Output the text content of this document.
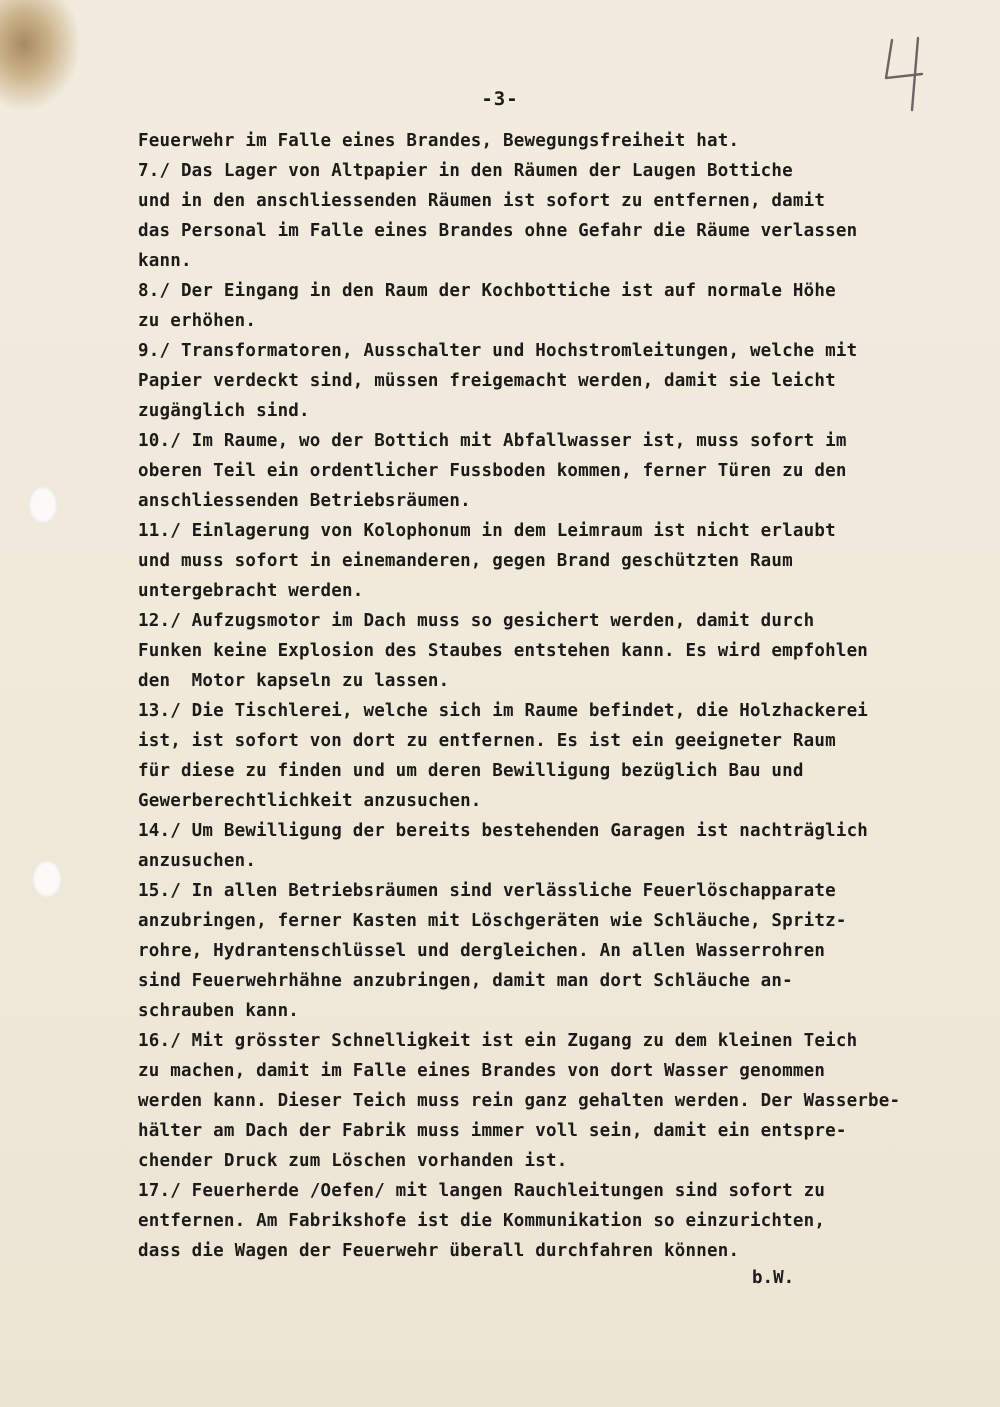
-3-
Feuerwehr im Falle eines Brandes, Bewegungsfreiheit hat.
7./ Das Lager von Altpapier in den Räumen der Laugen Bottiche
und in den anschliessenden Räumen ist sofort zu entfernen, damit
das Personal im Falle eines Brandes ohne Gefahr die Räume verlassen
kann.
8./ Der Eingang in den Raum der Kochbottiche ist auf normale Höhe
zu erhöhen.
9./ Transformatoren, Ausschalter und Hochstromleitungen, welche mit
Papier verdeckt sind, müssen freigemacht werden, damit sie leicht
zugänglich sind.
10./ Im Raume, wo der Bottich mit Abfallwasser ist, muss sofort im
oberen Teil ein ordentlicher Fussboden kommen, ferner Türen zu den
anschliessenden Betriebsräumen.
11./ Einlagerung von Kolophonum in dem Leimraum ist nicht erlaubt
und muss sofort in einemanderen, gegen Brand geschützten Raum
untergebracht werden.
12./ Aufzugsmotor im Dach muss so gesichert werden, damit durch
Funken keine Explosion des Staubes entstehen kann. Es wird empfohlen
den  Motor kapseln zu lassen.
13./ Die Tischlerei, welche sich im Raume befindet, die Holzhackerei
ist, ist sofort von dort zu entfernen. Es ist ein geeigneter Raum
für diese zu finden und um deren Bewilligung bezüglich Bau und
Gewerberechtlichkeit anzusuchen.
14./ Um Bewilligung der bereits bestehenden Garagen ist nachträglich
anzusuchen.
15./ In allen Betriebsräumen sind verlässliche Feuerlöschapparate
anzubringen, ferner Kasten mit Löschgeräten wie Schläuche, Spritz-
rohre, Hydrantenschlüssel und dergleichen. An allen Wasserrohren
sind Feuerwehrhähne anzubringen, damit man dort Schläuche an-
schrauben kann.
16./ Mit grösster Schnelligkeit ist ein Zugang zu dem kleinen Teich
zu machen, damit im Falle eines Brandes von dort Wasser genommen
werden kann. Dieser Teich muss rein ganz gehalten werden. Der Wasserbe-
hälter am Dach der Fabrik muss immer voll sein, damit ein entspre-
chender Druck zum Löschen vorhanden ist.
17./ Feuerherde /Oefen/ mit langen Rauchleitungen sind sofort zu
entfernen. Am Fabrikshofe ist die Kommunikation so einzurichten,
dass die Wagen der Feuerwehr überall durchfahren können.
b.W.
